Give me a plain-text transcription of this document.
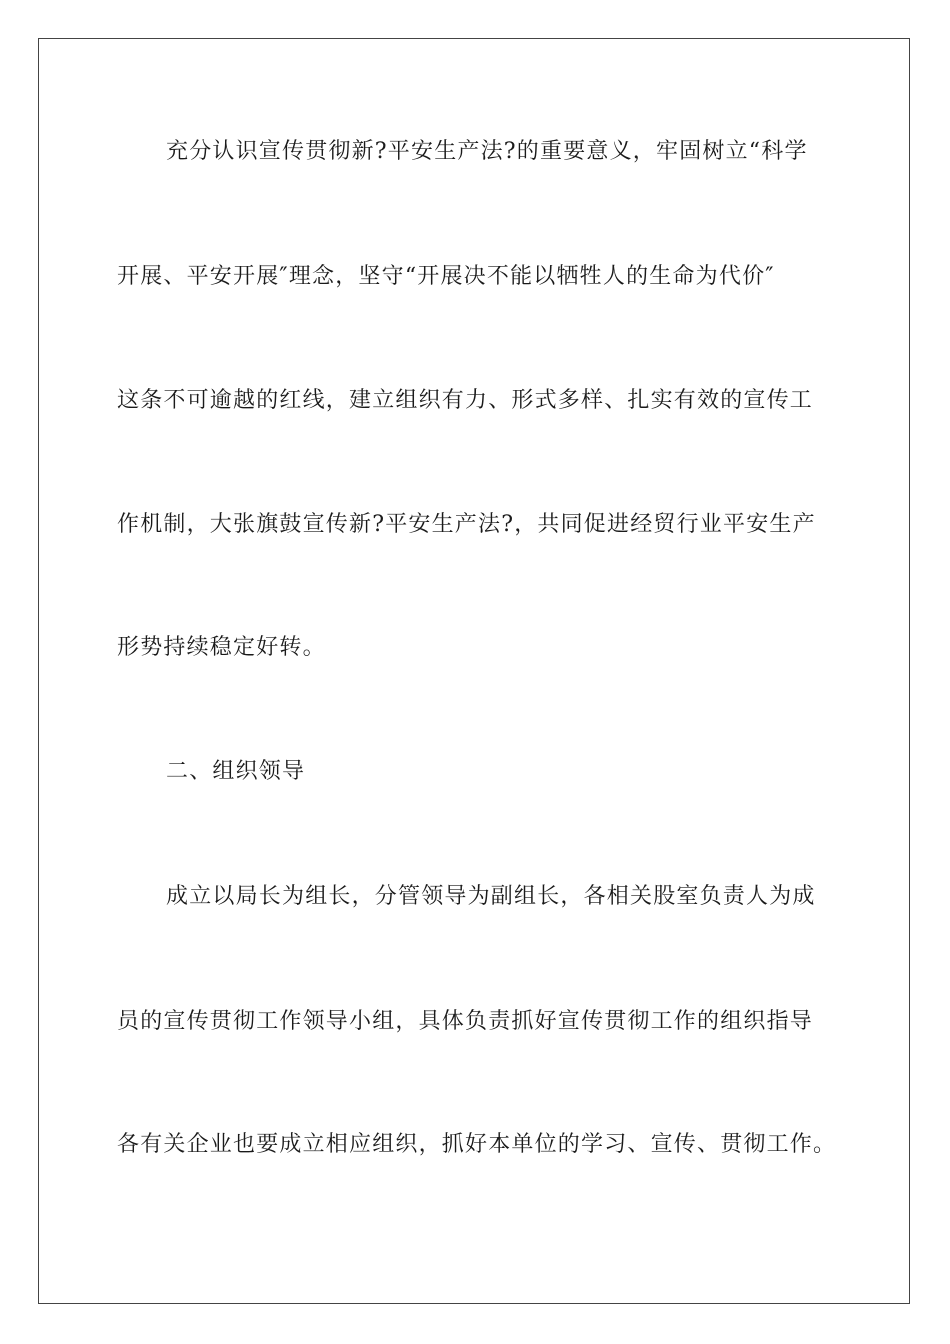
充分认识宣传贯彻新?平安生产法?的重要意义，牢固树立“科学
开展、平安开展″理念，坚守“开展决不能以牺牲人的生命为代价″
这条不可逾越的红线，建立组织有力、形式多样、扎实有效的宣传工
作机制，大张旗鼓宣传新?平安生产法?，共同促进经贸行业平安生产
形势持续稳定好转。
二、组织领导
成立以局长为组长，分管领导为副组长，各相关股室负责人为成
员的宣传贯彻工作领导小组，具体负责抓好宣传贯彻工作的组织指导
各有关企业也要成立相应组织，抓好本单位的学习、宣传、贯彻工作。
